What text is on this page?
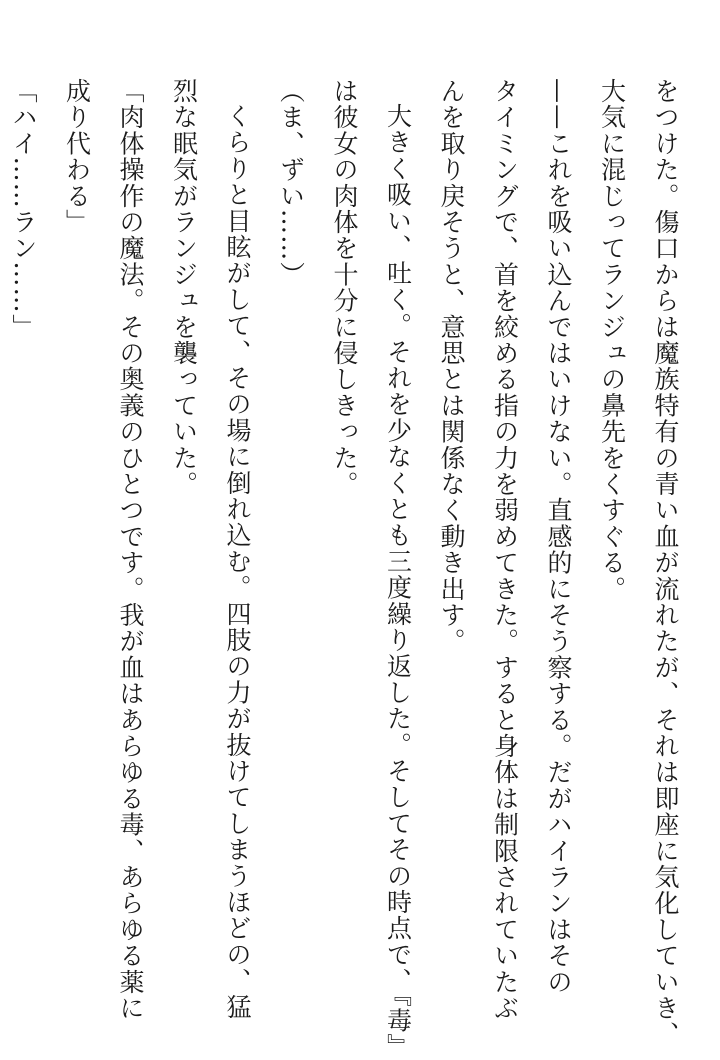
をつけた。傷口からは魔族特有の青い血が流れたが、それは即座に気化していき、
大気に混じってランジュの鼻先をくすぐる。
——これを吸い込んではいけない。直感的にそう察する。だがハイランはその
タイミングで、首を絞める指の力を弱めてきた。すると身体は制限されていたぶ
んを取り戻そうと、意思とは関係なく動き出す。
大きく吸い、吐く。それを少なくとも三度繰り返した。そしてその時点で、『毒』
は彼女の肉体を十分に侵しきった。
（ま、ずい……）
くらりと目眩がして、その場に倒れ込む。四肢の力が抜けてしまうほどの、猛
烈な眠気がランジュを襲っていた。
「肉体操作の魔法。その奥義のひとつです。我が血はあらゆる毒、あらゆる薬に
成り代わる」
「ハイ……ラン……」
